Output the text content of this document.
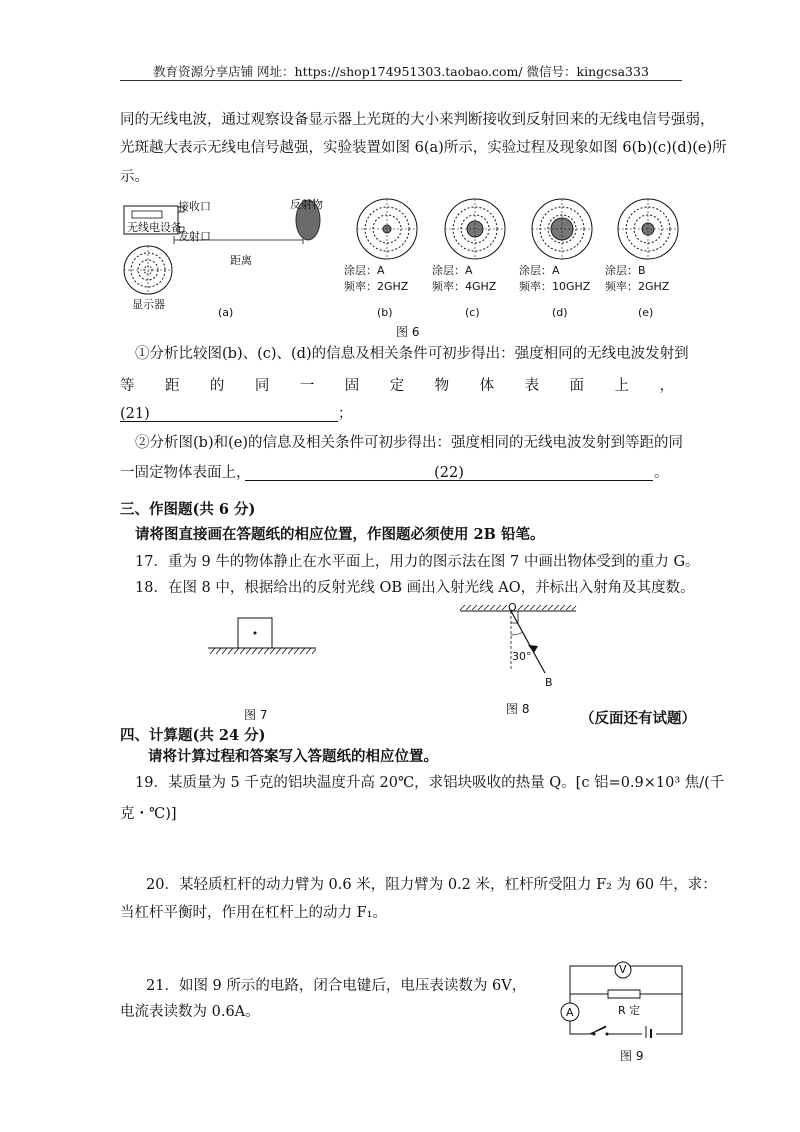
教育资源分享店铺 网址：https://shop174951303.taobao.com/ 微信号：kingcsa333
同的无线电波，通过观察设备显示器上光斑的大小来判断接收到反射回来的无线电信号强弱，
光斑越大表示无线电信号越强，实验装置如图 6(a)所示，实验过程及现象如图 6(b)(c)(d)(e)所
示。
无线电设备
接收口
发射口
反射物
距离
显示器
(a)
涂层：A
频率：2GHZ
(b)
涂层：A
频率：4GHZ
(c)
涂层：A
频率：10GHZ
(d)
涂层：B
频率：2GHZ
(e)
图 6
①分析比较图(b)、(c)、(d)的信息及相关条件可初步得出：强度相同的无线电波发射到
等 距 的 同 一 固 定 物 体 表 面 上 ，
(21)	；
②分析图(b)和(e)的信息及相关条件可初步得出：强度相同的无线电波发射到等距的同
一固定物体表面上，	(22)	。
三、作图题(共 6 分)
请将图直接画在答题纸的相应位置，作图题必须使用 2B 铅笔。
17．重为 9 牛的物体静止在水平面上，用力的图示法在图 7 中画出物体受到的重力 G。
18．在图 8 中，根据给出的反射光线 OB 画出入射光线 AO，并标出入射角及其度数。
图 7
O
30°
B
图 8
（反面还有试题）
四、计算题(共 24 分)
请将计算过程和答案写入答题纸的相应位置。
19．某质量为 5 千克的铝块温度升高 20℃，求铝块吸收的热量 Q。[c 铝=0.9×10³ 焦/(千
克・℃)]
20．某轻质杠杆的动力臂为 0.6 米，阻力臂为 0.2 米，杠杆所受阻力 F₂ 为 60 牛，求：
当杠杆平衡时，作用在杠杆上的动力 F₁。
21．如图 9 所示的电路，闭合电键后，电压表读数为 6V，
电流表读数为 0.6A。
V
A	R 定
图 9
